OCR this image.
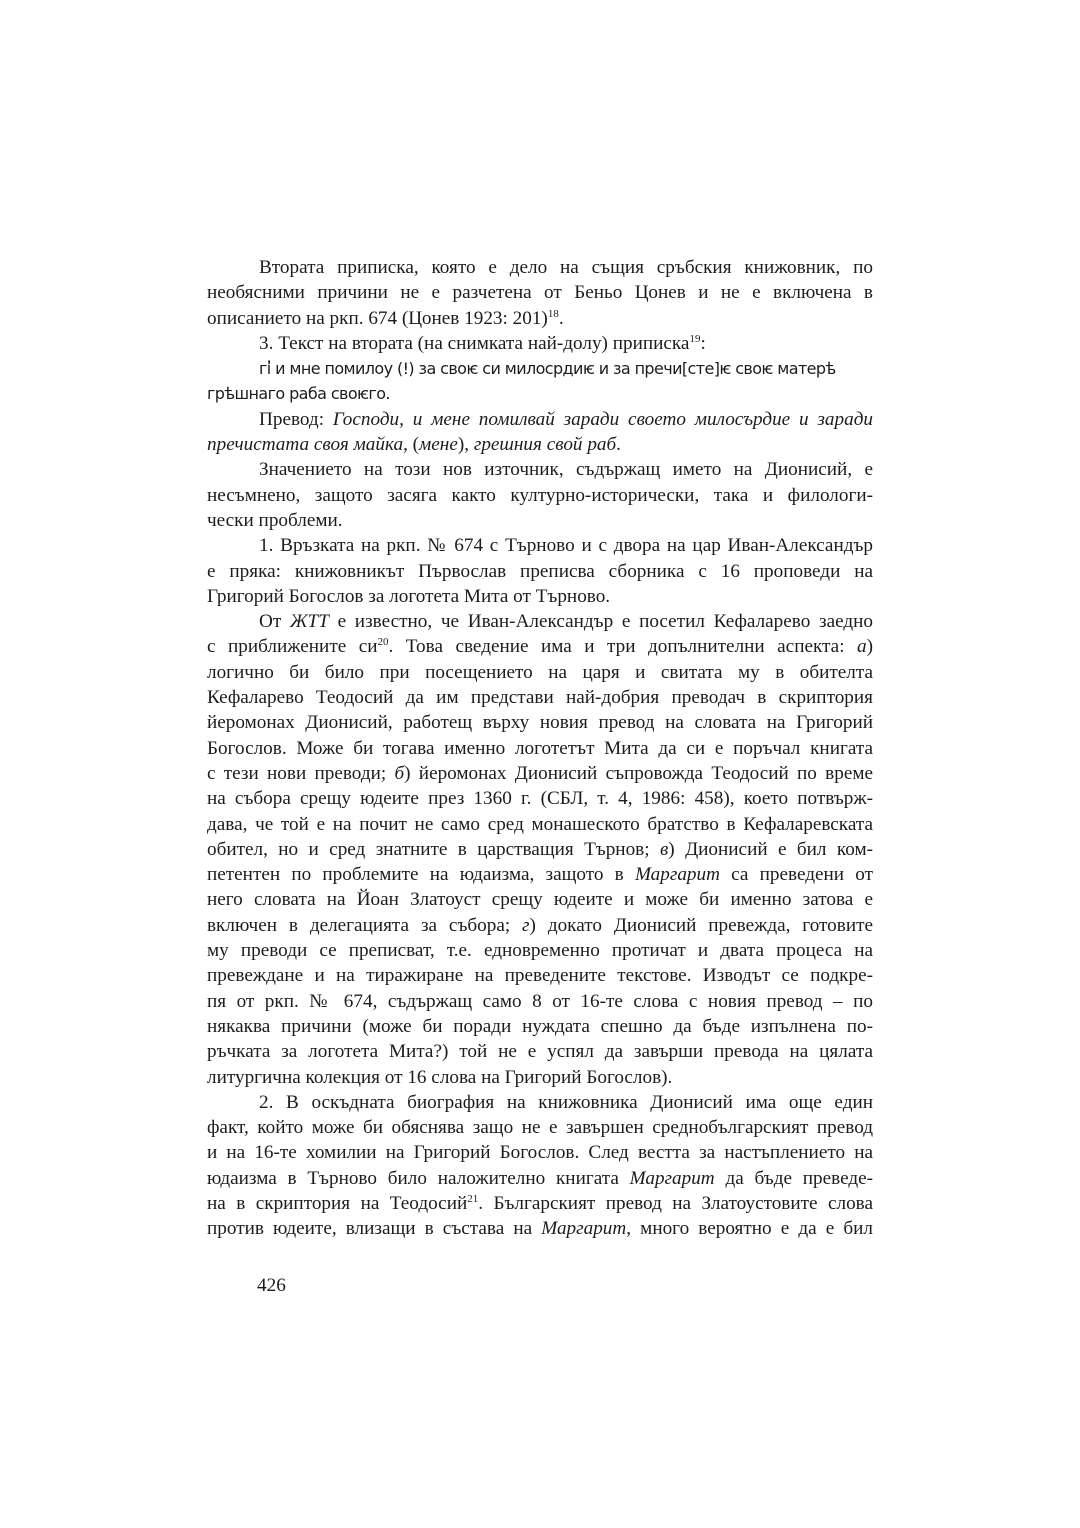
Втората приписка, която е дело на същия сръбския книжовник, по
необясними причини не е разчетена от Беньо Цонев и не е включена в
описанието на ркп. 674 (Цонев 1923: 201)$^{18}$.
3. Текст на втората (на снимката най-долу) приписка$^{19}$:
гi̓ и мне помилоу (!) за своѥ си милосрдиѥ и за пречи[сте]ѥ своѥ матерѣ
грѣшнаго раба своѥго.
Превод: Господи, и мене помилвай заради своето милосърдие и заради
пречистата своя майка, (мене), грешния свой раб.
Значението на този нов източник, съдържащ името на Дионисий, е
несъмнено, защото засяга както културно-исторически, така и филологи-
чески проблеми.
1. Връзката на ркп. № 674 с Търново и с двора на цар Иван-Александър
е пряка: книжовникът Първослав преписва сборника с 16 проповеди на
Григорий Богослов за логотета Мита от Търново.
От ЖТТ е известно, че Иван-Александър е посетил Кефаларево заедно
с приближените $си^{20}$. Това сведение има и три допълнителни аспекта: а)
логично би било при посещението на царя и свитата му в обителта
Кефаларево Теодосий да им представи най-добрия преводач в скриптория
йеромонах Дионисий, работещ върху новия превод на словата на Григорий
Богослов. Може би тогава именно логотетът Мита да си е поръчал книгата
с тези нови преводи; б) йеромонах Дионисий съпровожда Теодосий по време
на събора срещу юдеите през 1360 г. (СБЛ, т. 4, 1986: 458), което потвърж-
дава, че той е на почит не само сред монашеското братство в Кефаларевската
обител, но и сред знатните в царстващия Търнов; в) Дионисий е бил ком-
петентен по проблемите на юдаизма, защото в Маргарит са преведени от
него словата на Йоан Златоуст срещу юдеите и може би именно затова е
включен в делегацията за събора; г) докато Дионисий превежда, готовите
му преводи се преписват, т.е. едновременно протичат и двата процеса на
превеждане и на тиражиране на преведените текстове. Изводът се подкре-
пя от ркп. № 674, съдържащ само 8 от 16-те слова с новия превод – по
някаква причини (може би поради нуждата спешно да бъде изпълнена по-
ръчката за логотета Мита?) той не е успял да завърши превода на цялата
литургична колекция от 16 слова на Григорий Богослов).
2. В оскъдната биография на книжовника Дионисий има още един
факт, който може би обяснява защо не е завършен среднобългарският превод
и на 16-те хомилии на Григорий Богослов. След вестта за настъплението на
юдаизма в Търново било наложително книгата Маргарит да бъде преведе-
на в скриптория на Теодосий$^{21}$. Българският превод на Златоустовите слова
против юдеите, влизащи в състава на Маргарит, много вероятно е да е бил
426
